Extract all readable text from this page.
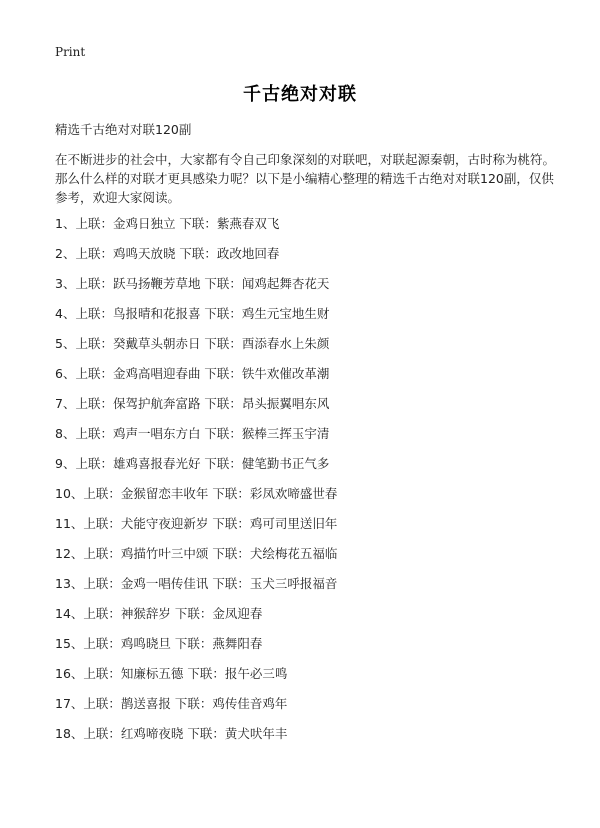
Print
千古绝对对联
精选千古绝对对联120副
在不断进步的社会中，大家都有令自己印象深刻的对联吧，对联起源秦朝，古时称为桃符。那么什么样的对联才更具感染力呢？以下是小编精心整理的精选千古绝对对联120副，仅供参考，欢迎大家阅读。
1、上联：金鸡日独立 下联：紫燕春双飞
2、上联：鸡鸣天放晓 下联：政改地回春
3、上联：跃马扬鞭芳草地 下联：闻鸡起舞杏花天
4、上联：鸟报晴和花报喜 下联：鸡生元宝地生财
5、上联：癸戴草头朝赤日 下联：酉添春水上朱颜
6、上联：金鸡高唱迎春曲 下联：铁牛欢催改革潮
7、上联：保驾护航奔富路 下联：昂头振翼唱东风
8、上联：鸡声一唱东方白 下联：猴棒三挥玉宇清
9、上联：雄鸡喜报春光好 下联：健笔勤书正气多
10、上联：金猴留恋丰收年 下联：彩凤欢啼盛世春
11、上联：犬能守夜迎新岁 下联：鸡可司里送旧年
12、上联：鸡描竹叶三中颂 下联：犬绘梅花五福临
13、上联：金鸡一唱传佳讯 下联：玉犬三呼报福音
14、上联：神猴辞岁 下联：金凤迎春
15、上联：鸡鸣晓旦 下联：燕舞阳春
16、上联：知廉标五德 下联：报午必三鸣
17、上联：鹊送喜报 下联：鸡传佳音鸡年
18、上联：红鸡啼夜晓 下联：黄犬吠年丰
